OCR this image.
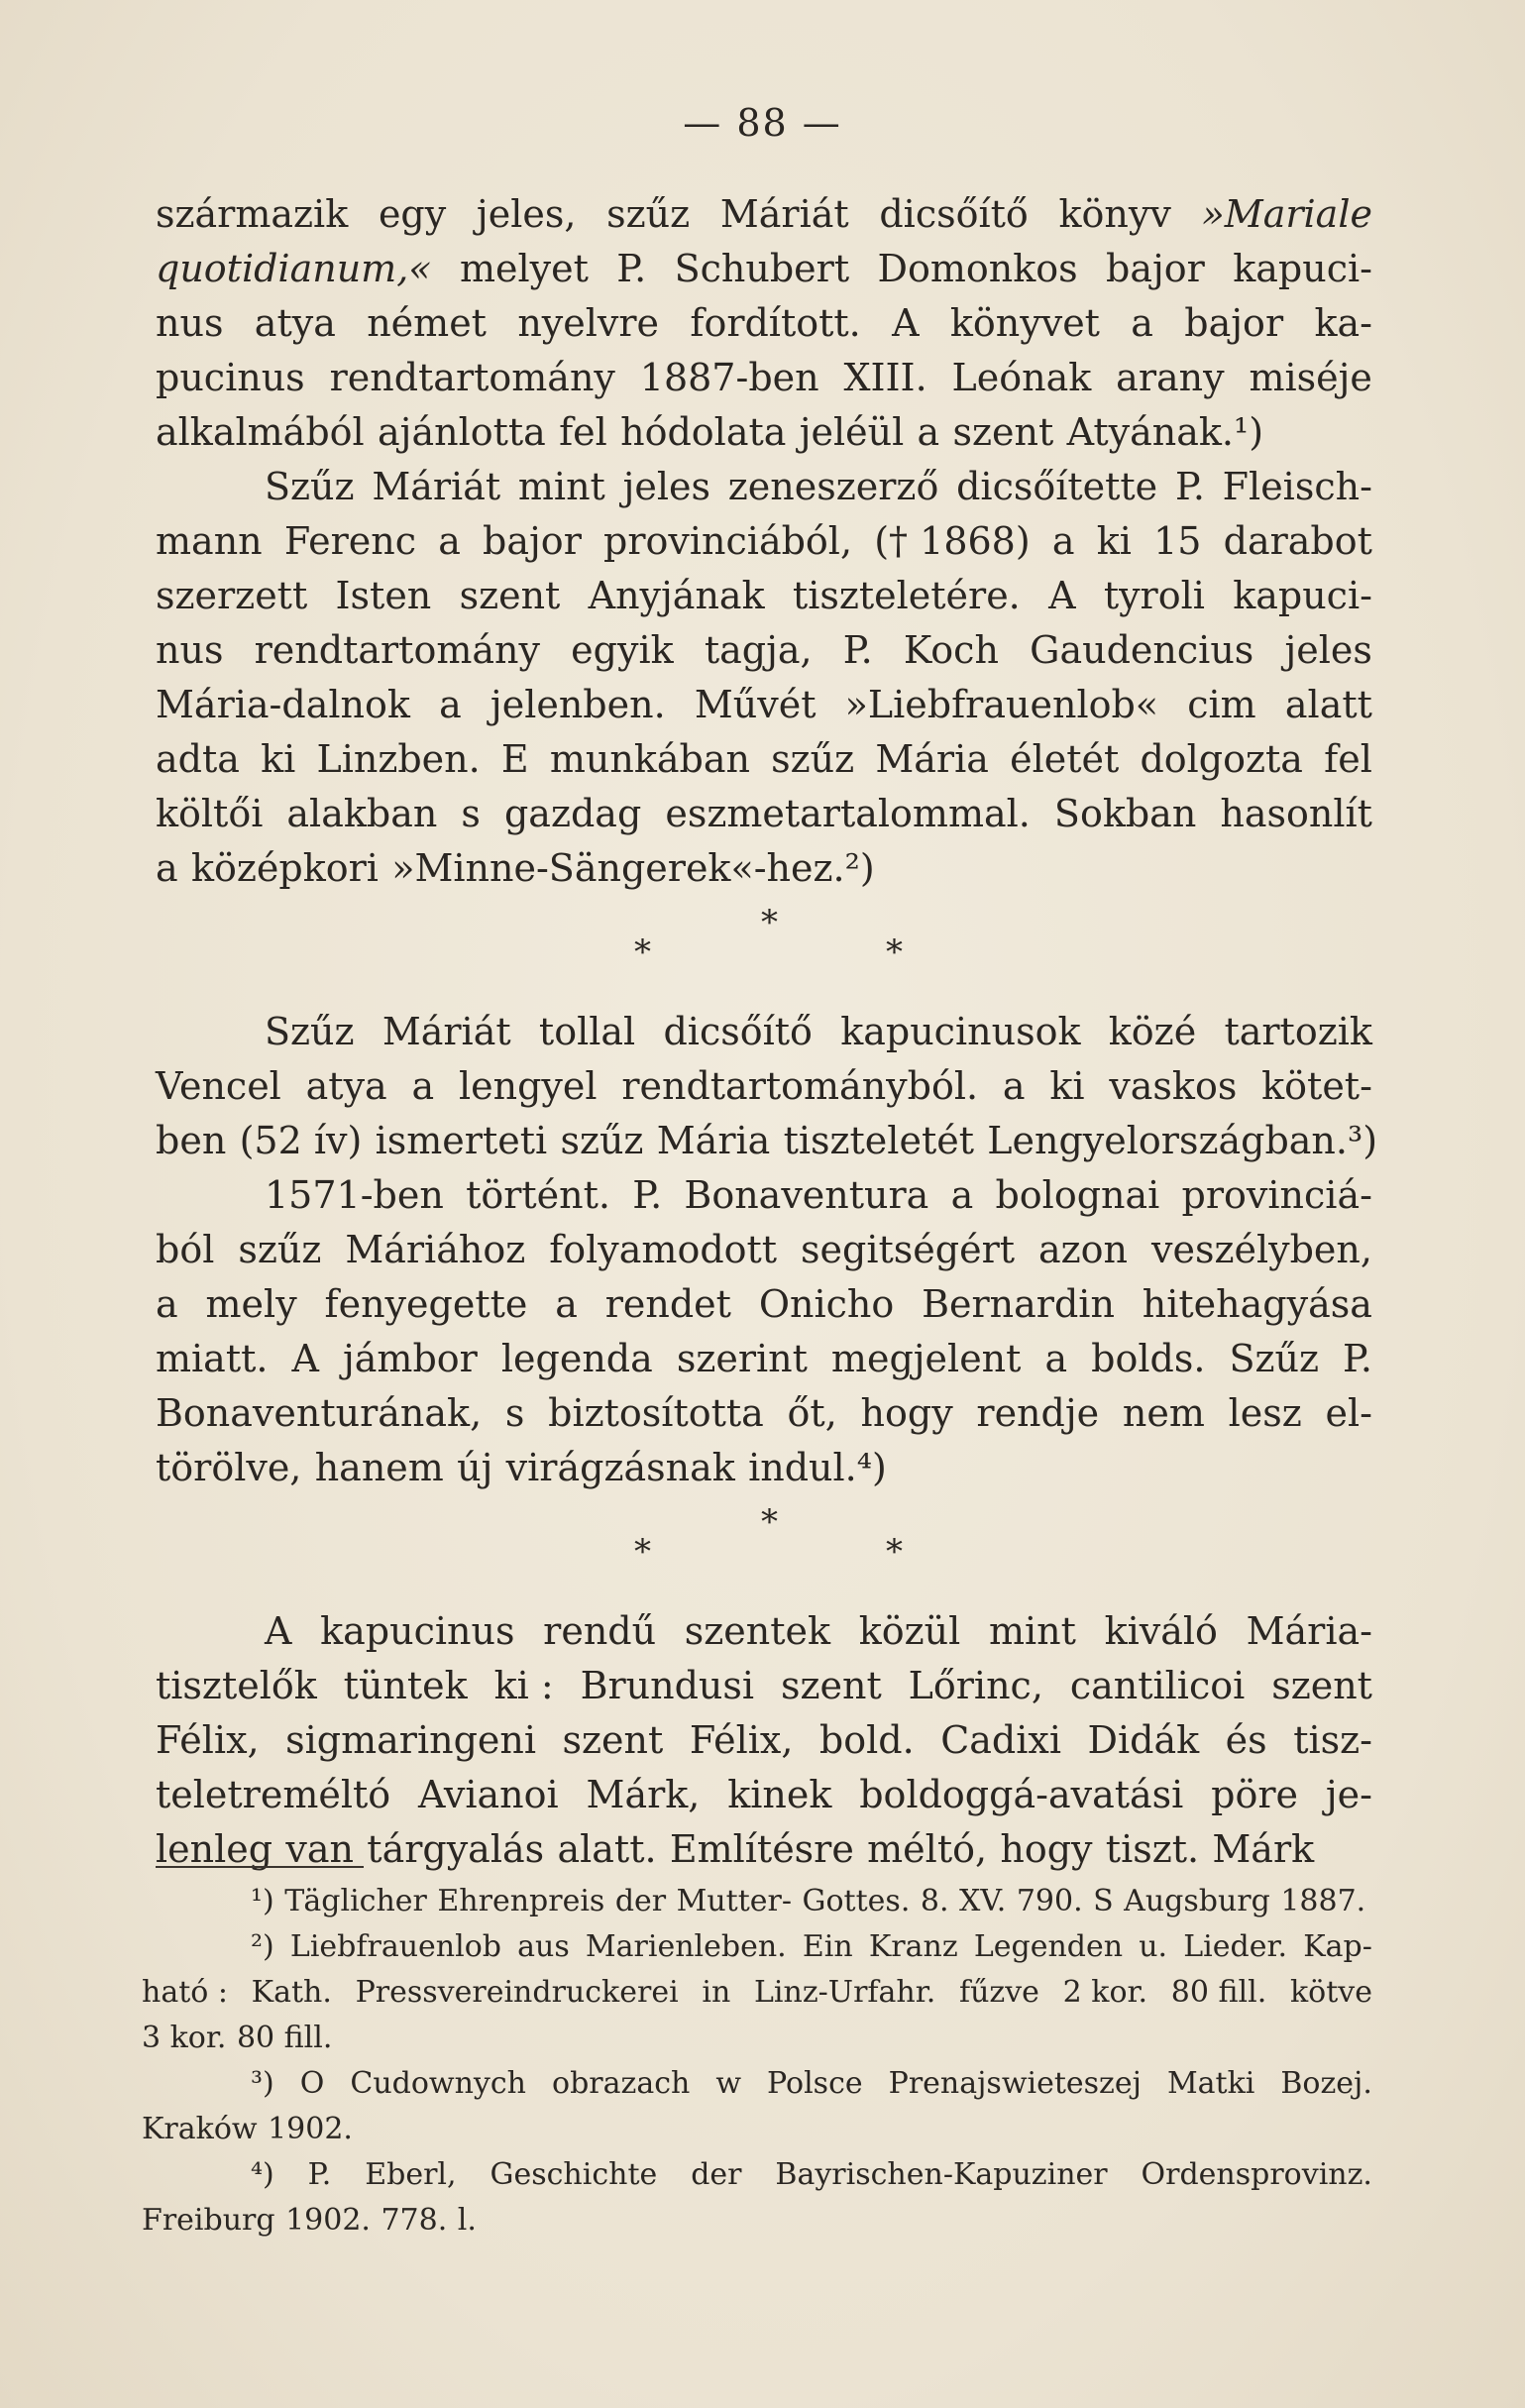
— 88 —
származik egy jeles, szűz Máriát dicsőítő könyv »Mariale
quotidianum,« melyet P. Schubert Domonkos bajor kapuci-
nus atya német nyelvre fordított. A könyvet a bajor ka-
pucinus rendtartomány 1887-ben XIII. Leónak arany miséje
alkalmából ajánlotta fel hódolata jeléül a szent Atyának.¹)
Szűz Máriát mint jeles zeneszerző dicsőítette P. Fleisch-
mann Ferenc a bajor provinciából, († 1868) a ki 15 darabot
szerzett Isten szent Anyjának tiszteletére. A tyroli kapuci-
nus rendtartomány egyik tagja, P. Koch Gaudencius jeles
Mária-dalnok a jelenben. Művét »Liebfrauenlob« cim alatt
adta ki Linzben. E munkában szűz Mária életét dolgozta fel
költői alakban s gazdag eszmetartalommal. Sokban hasonlít
a középkori »Minne-Sängerek«-hez.²)
*
*	*
Szűz Máriát tollal dicsőítő kapucinusok közé tartozik
Vencel atya a lengyel rendtartományból. a ki vaskos kötet-
ben (52 ív) ismerteti szűz Mária tiszteletét Lengyelországban.³)
1571-ben történt. P. Bonaventura a bolognai provinciá-
ból szűz Máriához folyamodott segitségért azon veszélyben,
a mely fenyegette a rendet Onicho Bernardin hitehagyása
miatt. A jámbor legenda szerint megjelent a bolds. Szűz P.
Bonaventurának, s biztosította őt, hogy rendje nem lesz el-
törölve, hanem új virágzásnak indul.⁴)
*
*	*
A kapucinus rendű szentek közül mint kiváló Mária-
tisztelők tüntek ki : Brundusi szent Lőrinc, cantilicoi szent
Félix, sigmaringeni szent Félix, bold. Cadixi Didák és tisz-
teletreméltó Avianoi Márk, kinek boldoggá-avatási pöre je-
lenleg van tárgyalás alatt. Említésre méltó, hogy tiszt. Márk
¹) Täglicher Ehrenpreis der Mutter- Gottes. 8. XV. 790. S Augsburg 1887.
²) Liebfrauenlob aus Marienleben. Ein Kranz Legenden u. Lieder. Kap-
ható : Kath. Pressvereindruckerei in Linz-Urfahr. fűzve 2 kor. 80 fill. kötve
3 kor. 80 fill.
³) O Cudownych obrazach w Polsce Prenajswieteszej Matki Bozej.
Kraków 1902.
⁴) P. Eberl, Geschichte der Bayrischen-Kapuziner Ordensprovinz.
Freiburg 1902. 778. l.
